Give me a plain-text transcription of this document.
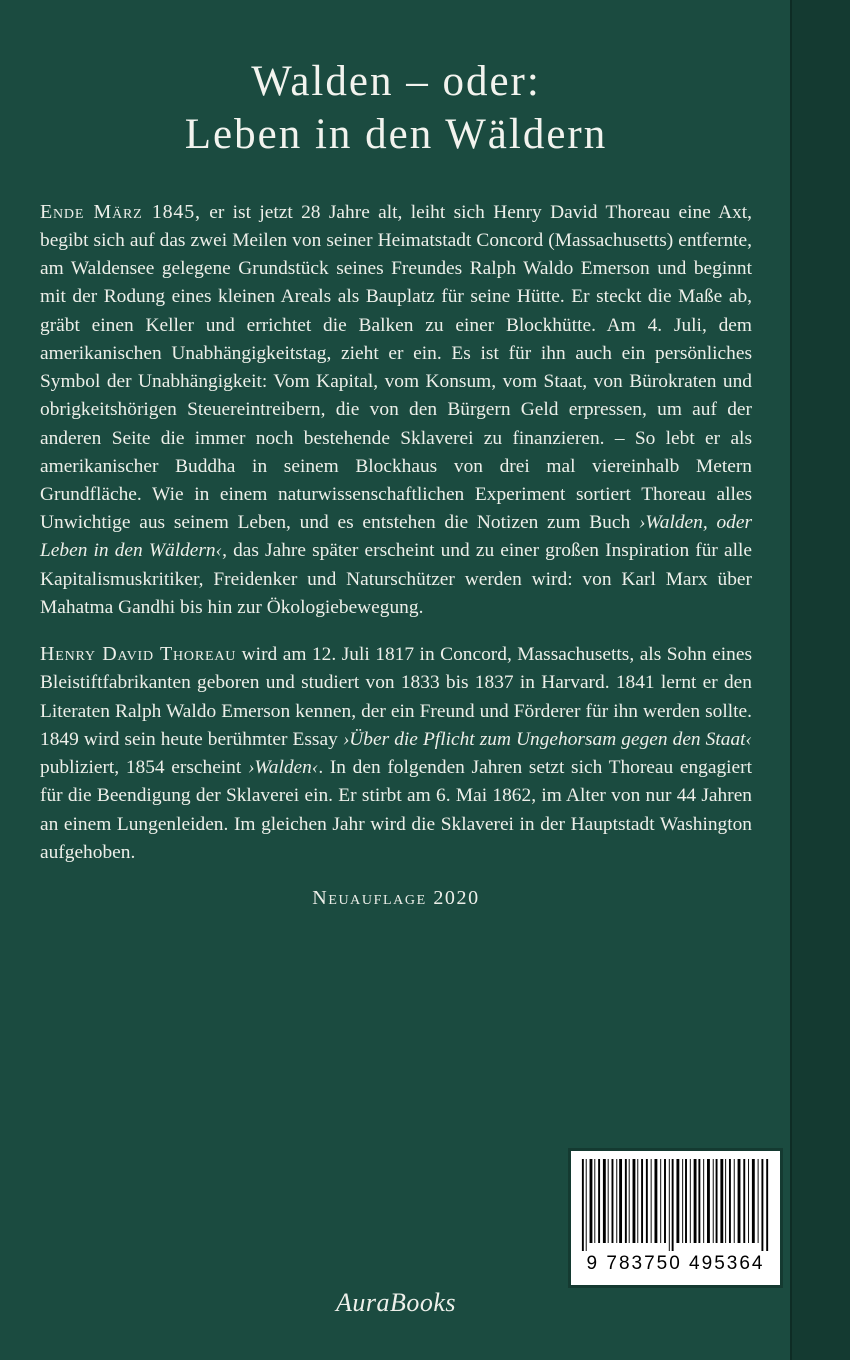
Walden – oder:
Leben in den Wäldern

Ende März 1845, er ist jetzt 28 Jahre alt, leiht sich Henry David Thoreau eine Axt, begibt sich auf das zwei Meilen von seiner Heimatstadt Concord (Massachusetts) entfernte, am Waldensee gelegene Grundstück seines Freundes Ralph Waldo Emerson und beginnt mit der Rodung eines kleinen Areals als Bauplatz für seine Hütte. Er steckt die Maße ab, gräbt einen Keller und errichtet die Balken zu einer Blockhütte. Am 4. Juli, dem amerikanischen Unabhängigkeitstag, zieht er ein. Es ist für ihn auch ein persönliches Symbol der Unabhängigkeit: Vom Kapital, vom Konsum, vom Staat, von Bürokraten und obrigkeitshörigen Steuereintreibern, die von den Bürgern Geld erpressen, um auf der anderen Seite die immer noch bestehende Sklaverei zu finanzieren. – So lebt er als amerikanischer Buddha in seinem Blockhaus von drei mal viereinhalb Metern Grundfläche. Wie in einem naturwissenschaftlichen Experiment sortiert Thoreau alles Unwichtige aus seinem Leben, und es entstehen die Notizen zum Buch ›Walden, oder Leben in den Wäldern‹, das Jahre später erscheint und zu einer großen Inspiration für alle Kapitalismuskritiker, Freidenker und Naturschützer werden wird: von Karl Marx über Mahatma Gandhi bis hin zur Ökologiebewegung.

Henry David Thoreau wird am 12. Juli 1817 in Concord, Massachusetts, als Sohn eines Bleistiftfabrikanten geboren und studiert von 1833 bis 1837 in Harvard. 1841 lernt er den Literaten Ralph Waldo Emerson kennen, der ein Freund und Förderer für ihn werden sollte. 1849 wird sein heute berühmter Essay ›Über die Pflicht zum Ungehorsam gegen den Staat‹ publiziert, 1854 erscheint ›Walden‹. In den folgenden Jahren setzt sich Thoreau engagiert für die Beendigung der Sklaverei ein. Er stirbt am 6. Mai 1862, im Alter von nur 44 Jahren an einem Lungenleiden. Im gleichen Jahr wird die Sklaverei in der Hauptstadt Washington aufgehoben.

Neuauflage 2020
AuraBooks
9 783750 495364
